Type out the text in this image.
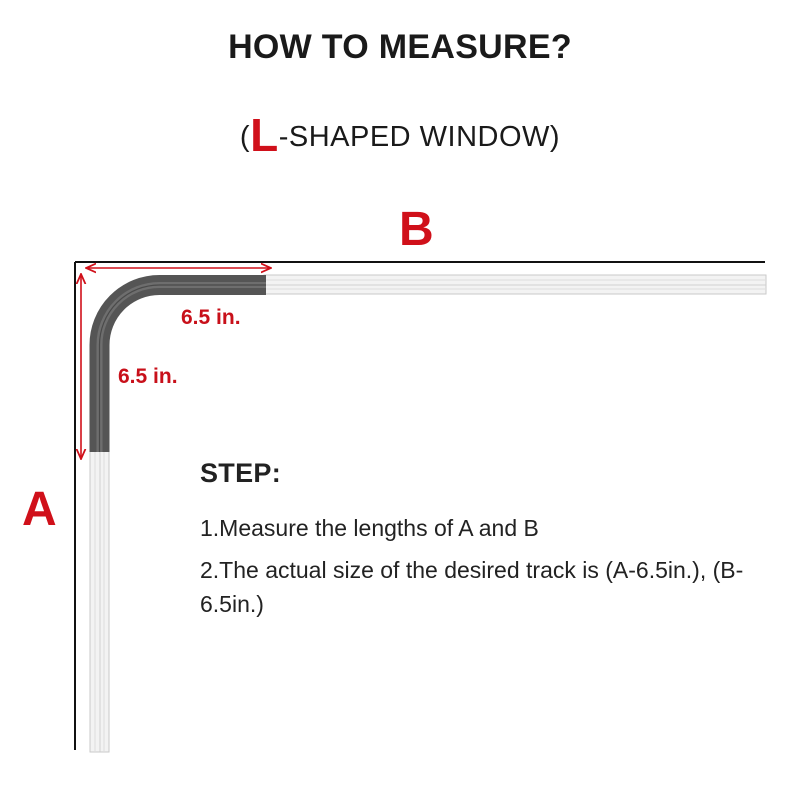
HOW TO MEASURE?
(L-SHAPED WINDOW)
B
A
6.5 in.
6.5 in.
STEP:

1.Measure the lengths of A and B

2.The actual size of the desired track is (A-6.5in.), (B-6.5in.)
